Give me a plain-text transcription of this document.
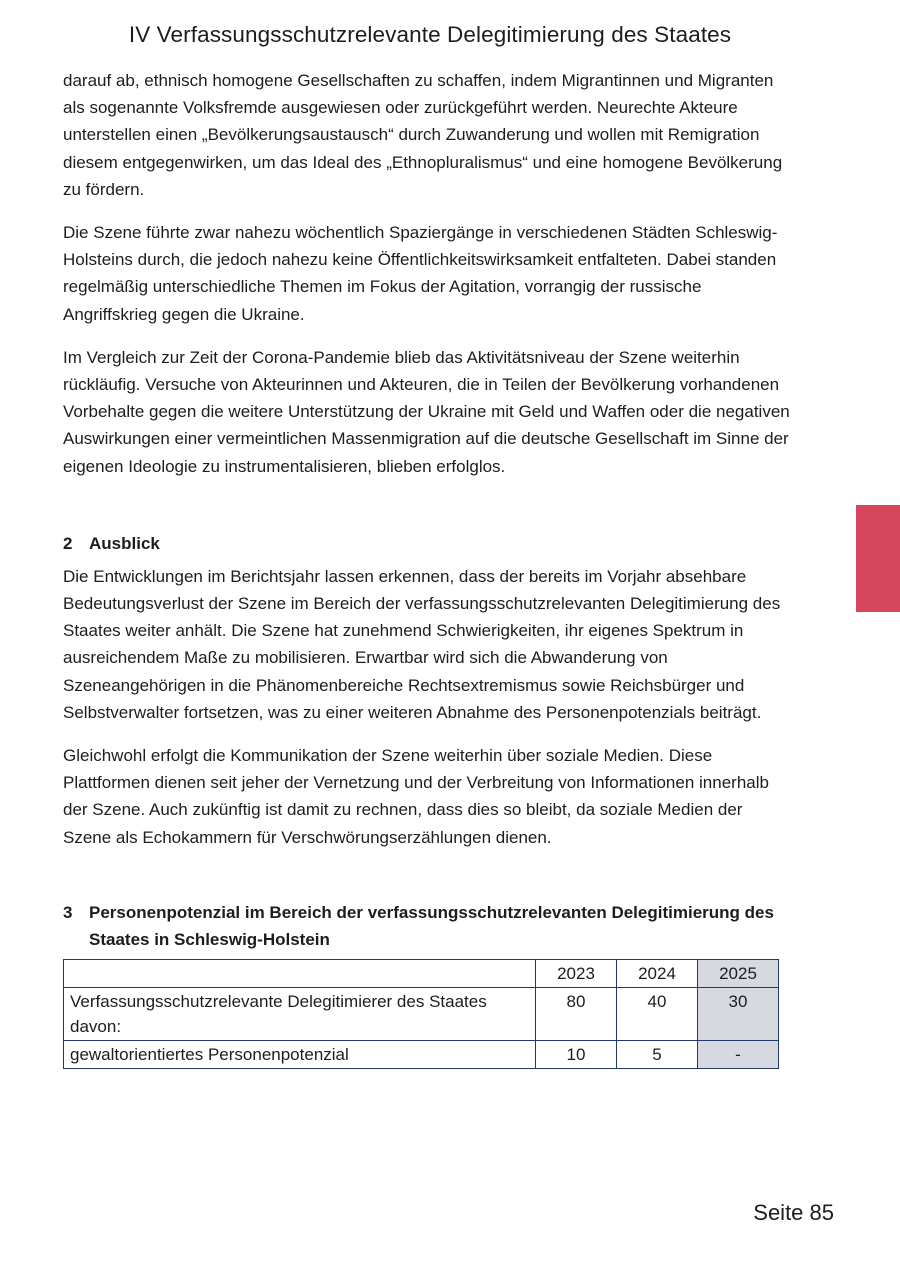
IV Verfassungsschutzrelevante Delegitimierung des Staates

darauf ab, ethnisch homogene Gesellschaften zu schaffen, indem Migrantinnen und Migranten als sogenannte Volksfremde ausgewiesen oder zurückgeführt werden. Neurechte Akteure unterstellen einen „Bevölkerungsaustausch“ durch Zuwanderung und wollen mit Remigration diesem entgegenwirken, um das Ideal des „Ethnopluralismus“ und eine homogene Bevölkerung zu fördern.

Die Szene führte zwar nahezu wöchentlich Spaziergänge in verschiedenen Städten Schleswig-Holsteins durch, die jedoch nahezu keine Öffentlichkeitswirksamkeit entfalteten. Dabei standen regelmäßig unterschiedliche Themen im Fokus der Agitation, vorrangig der russische Angriffskrieg gegen die Ukraine.

Im Vergleich zur Zeit der Corona-Pandemie blieb das Aktivitätsniveau der Szene weiterhin rückläufig. Versuche von Akteurinnen und Akteuren, die in Teilen der Bevölkerung vorhandenen Vorbehalte gegen die weitere Unterstützung der Ukraine mit Geld und Waffen oder die negativen Auswirkungen einer vermeintlichen Massenmigration auf die deutsche Gesellschaft im Sinne der eigenen Ideologie zu instrumentalisieren, blieben erfolglos.

2 Ausblick

Die Entwicklungen im Berichtsjahr lassen erkennen, dass der bereits im Vorjahr absehbare Bedeutungsverlust der Szene im Bereich der verfassungsschutzrelevanten Delegitimierung des Staates weiter anhält. Die Szene hat zunehmend Schwierigkeiten, ihr eigenes Spektrum in ausreichendem Maße zu mobilisieren. Erwartbar wird sich die Abwanderung von Szeneangehörigen in die Phänomenbereiche Rechtsextremismus sowie Reichsbürger und Selbstverwalter fortsetzen, was zu einer weiteren Abnahme des Personenpotenzials beiträgt.

Gleichwohl erfolgt die Kommunikation der Szene weiterhin über soziale Medien. Diese Plattformen dienen seit jeher der Vernetzung und der Verbreitung von Informationen innerhalb der Szene. Auch zukünftig ist damit zu rechnen, dass dies so bleibt, da soziale Medien der Szene als Echokammern für Verschwörungserzählungen dienen.

3 Personenpotenzial im Bereich der verfassungsschutzrelevanten Delegitimierung des Staates in Schleswig-Holstein
	2023	2024	2025

Verfassungsschutzrelevante Delegitimierer des Staates
davon:	80	40	30
gewaltorientiertes Personenpotenzial	10	5	-
Seite 85
